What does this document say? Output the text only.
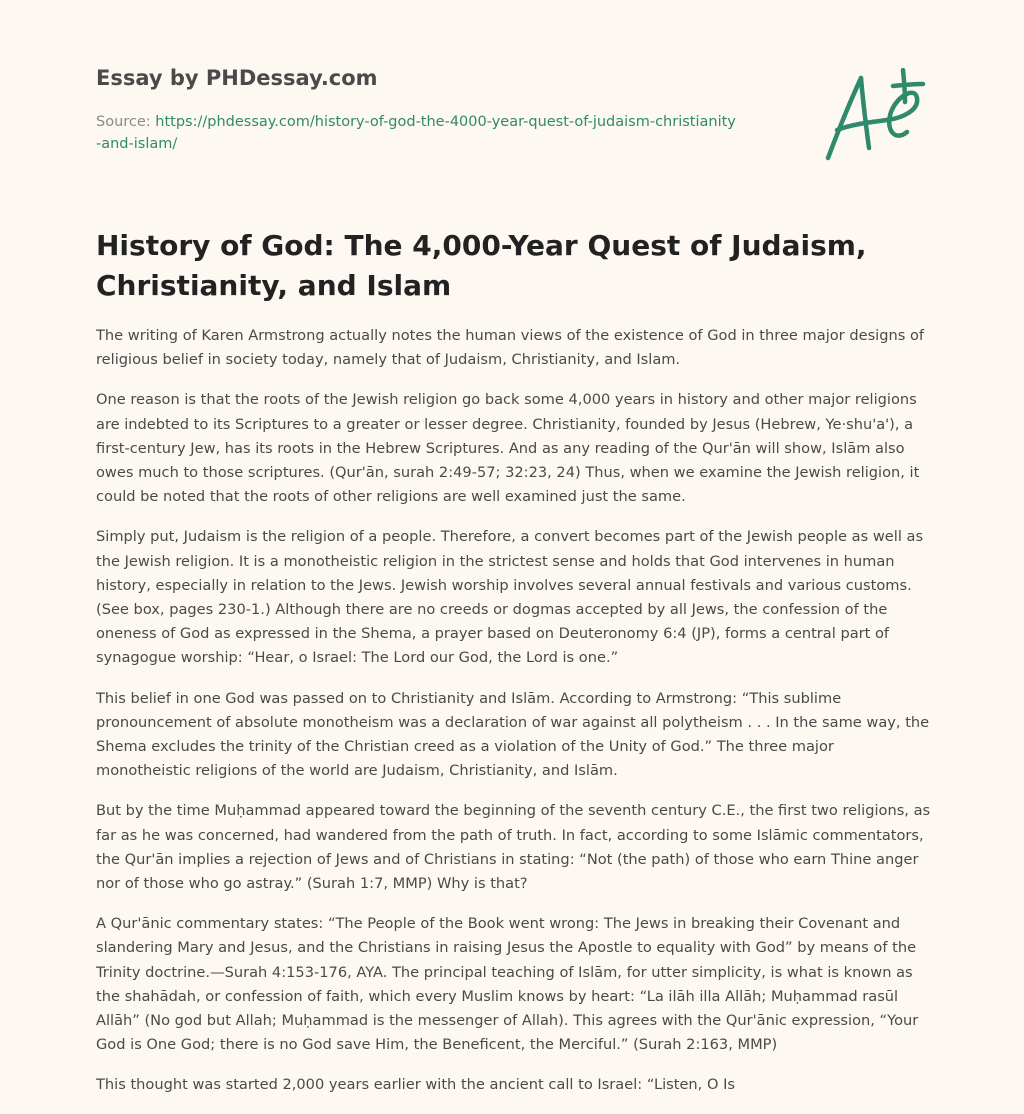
Essay by PHDessay.com
Source: https://phdessay.com/history-of-god-the-4000-year-quest-of-judaism-christianity-and-islam/
History of God: The 4,000-Year Quest of Judaism, Christianity, and Islam

The writing of Karen Armstrong actually notes the human views of the existence of God in three major designs of religious belief in society today, namely that of Judaism, Christianity, and Islam.

One reason is that the roots of the Jewish religion go back some 4,000 years in history and other major religions are indebted to its Scriptures to a greater or lesser degree. Christianity, founded by Jesus (Hebrew, Ye·shu'a'), a first-century Jew, has its roots in the Hebrew Scriptures. And as any reading of the Qur'ān will show, Islām also owes much to those scriptures. (Qur'ān, surah 2:49-57; 32:23, 24) Thus, when we examine the Jewish religion, it could be noted that the roots of other religions are well examined just the same.

Simply put, Judaism is the religion of a people. Therefore, a convert becomes part of the Jewish people as well as the Jewish religion. It is a monotheistic religion in the strictest sense and holds that God intervenes in human history, especially in relation to the Jews. Jewish worship involves several annual festivals and various customs. (See box, pages 230-1.) Although there are no creeds or dogmas accepted by all Jews, the confession of the oneness of God as expressed in the Shema, a prayer based on Deuteronomy 6:4 (JP), forms a central part of synagogue worship: “Hear, o Israel: The Lord our God, the Lord is one.”

This belief in one God was passed on to Christianity and Islām. According to Armstrong: “This sublime pronouncement of absolute monotheism was a declaration of war against all polytheism . . . In the same way, the Shema excludes the trinity of the Christian creed as a violation of the Unity of God.” The three major monotheistic religions of the world are Judaism, Christianity, and Islām.

But by the time Muḥammad appeared toward the beginning of the seventh century C.E., the first two religions, as far as he was concerned, had wandered from the path of truth. In fact, according to some Islāmic commentators, the Qur'ān implies a rejection of Jews and of Christians in stating: “Not (the path) of those who earn Thine anger nor of those who go astray.” (Surah 1:7, MMP) Why is that?

A Qur'ānic commentary states: “The People of the Book went wrong: The Jews in breaking their Covenant and slandering Mary and Jesus, and the Christians in raising Jesus the Apostle to equality with God” by means of the Trinity doctrine.—Surah 4:153-176, AYA. The principal teaching of Islām, for utter simplicity, is what is known as the shahādah, or confession of faith, which every Muslim knows by heart: “La ilāh illa Allāh; Muḥammad rasūl Allāh” (No god but Allah; Muḥammad is the messenger of Allah). This agrees with the Qur'ānic expression, “Your God is One God; there is no God save Him, the Beneficent, the Merciful.” (Surah 2:163, MMP)

This thought was started 2,000 years earlier with the ancient call to Israel: “Listen, O Is
